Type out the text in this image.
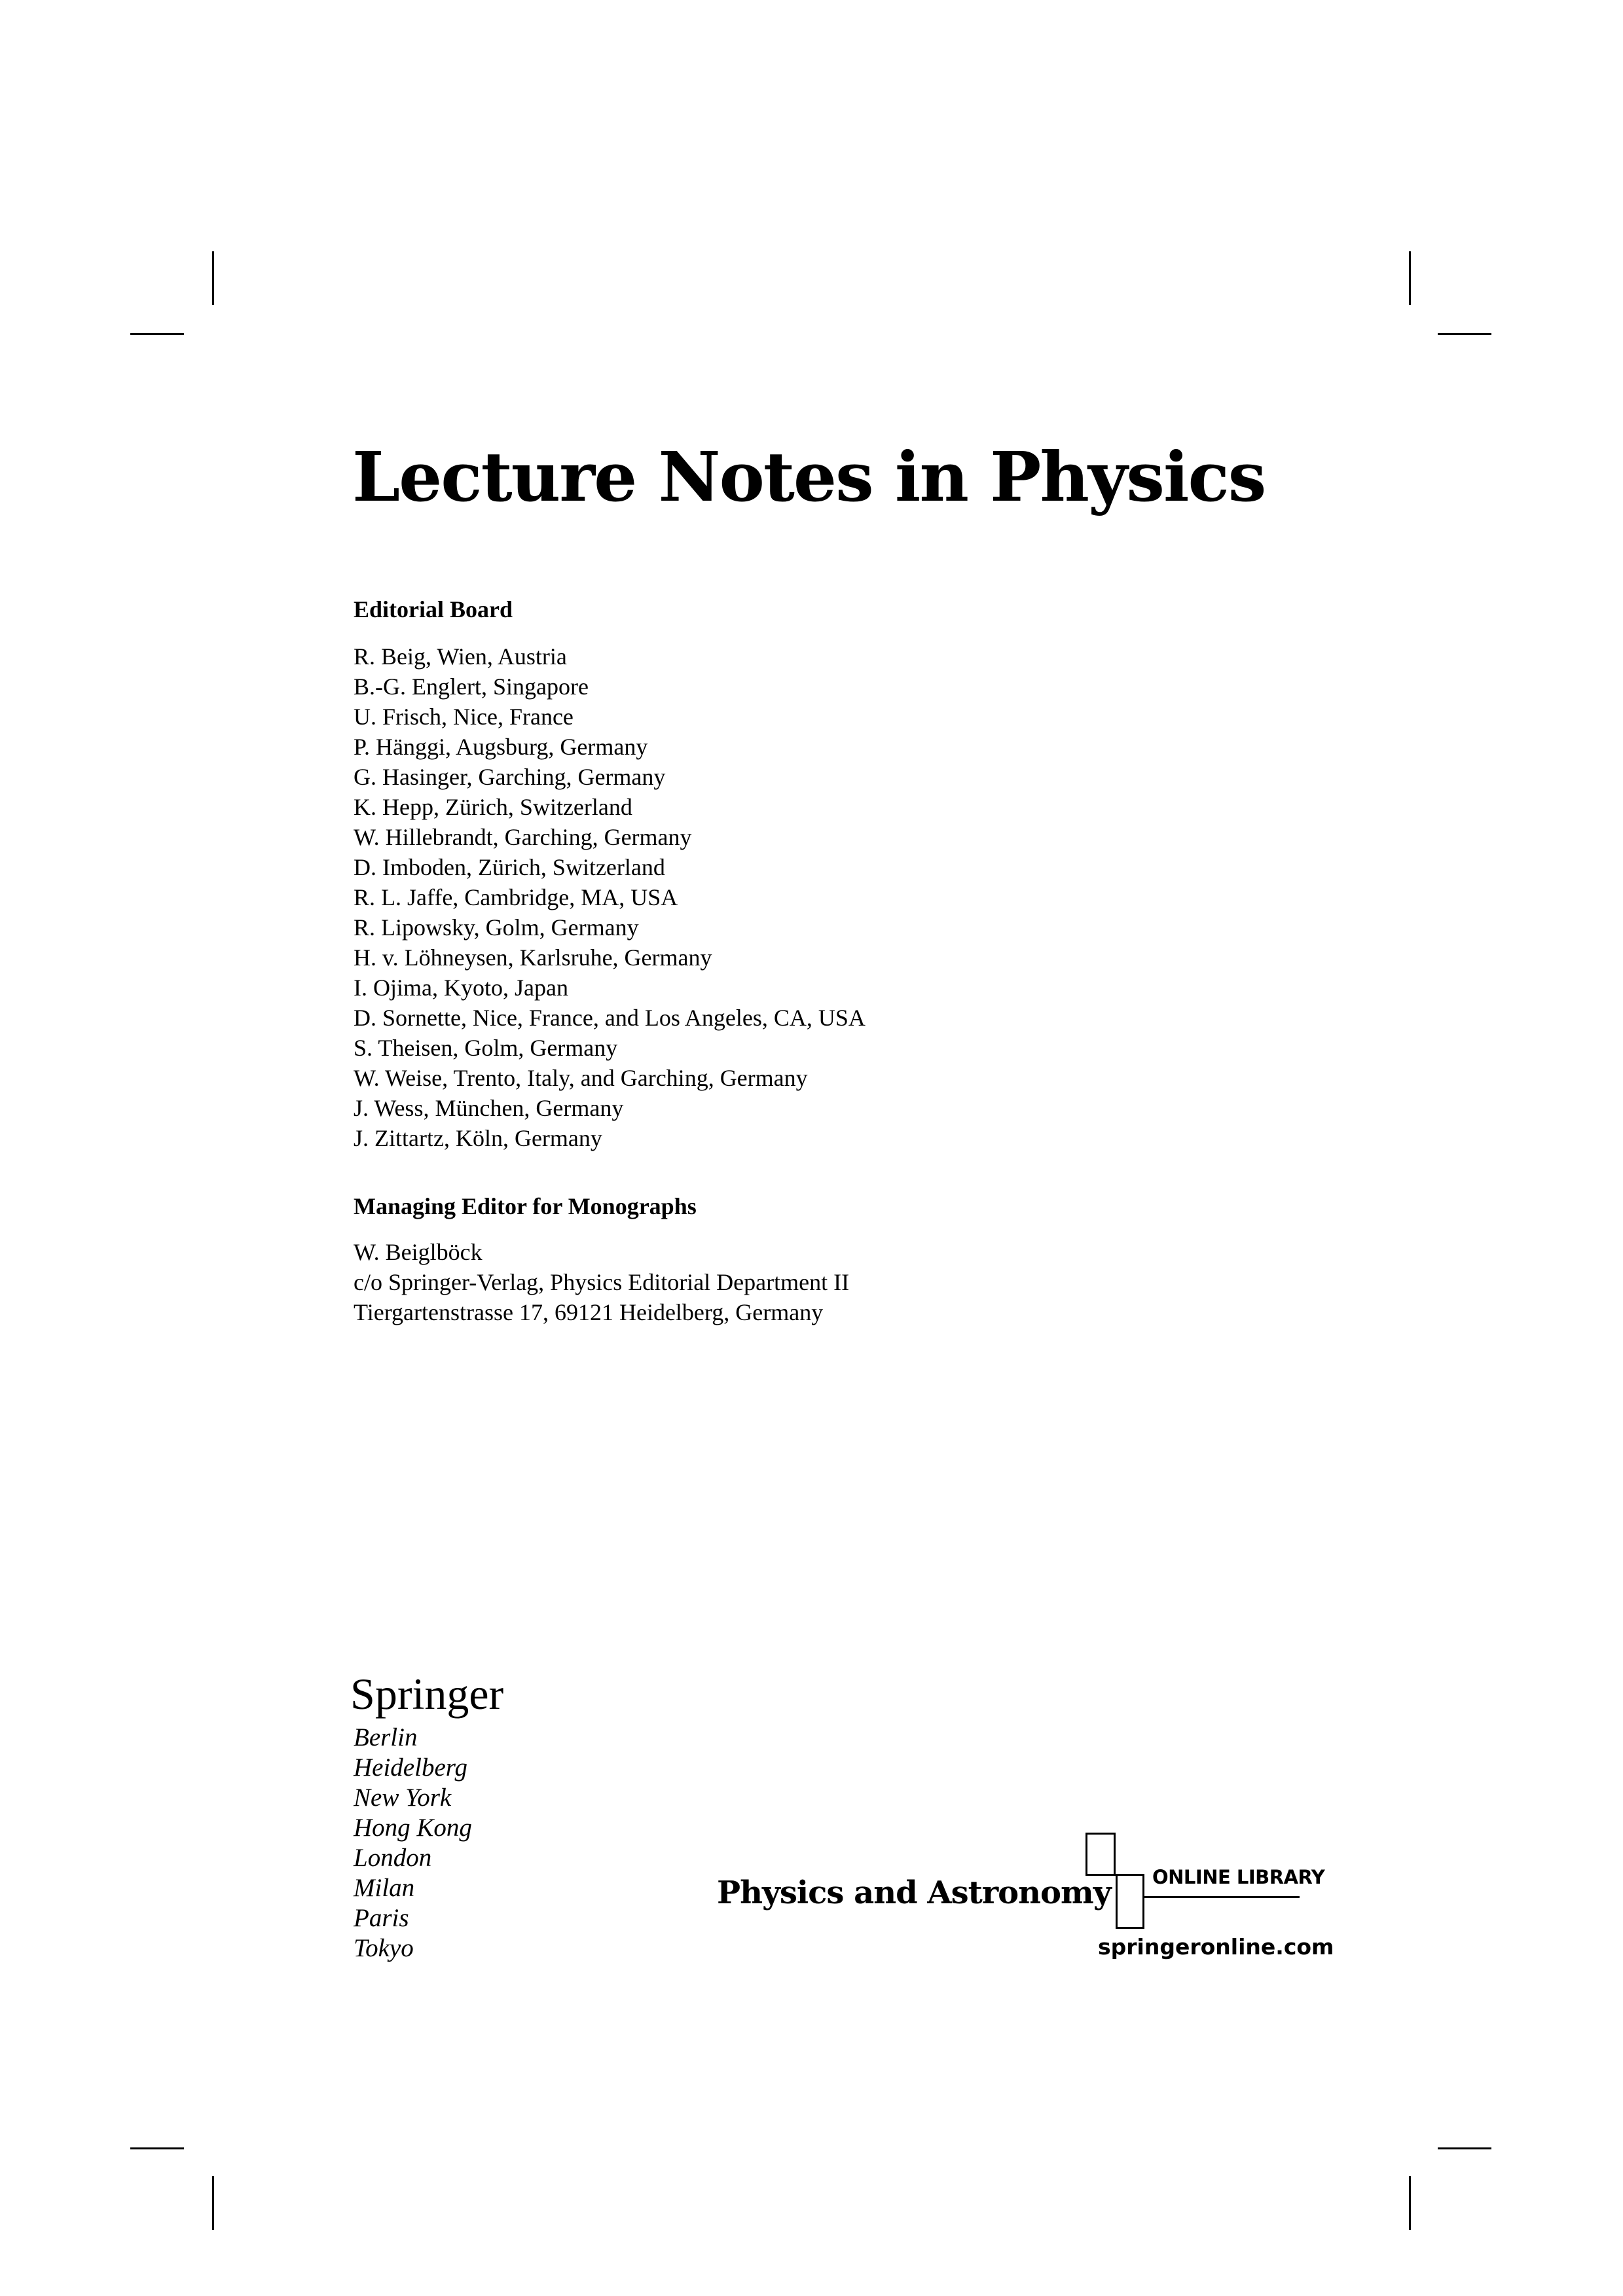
Lecture Notes in Physics
Editorial Board
R. Beig, Wien, Austria
B.-G. Englert, Singapore
U. Frisch, Nice, France
P. Hänggi, Augsburg, Germany
G. Hasinger, Garching, Germany
K. Hepp, Zürich, Switzerland
W. Hillebrandt, Garching, Germany
D. Imboden, Zürich, Switzerland
R. L. Jaffe, Cambridge, MA, USA
R. Lipowsky, Golm, Germany
H. v. Löhneysen, Karlsruhe, Germany
I. Ojima, Kyoto, Japan
D. Sornette, Nice, France, and Los Angeles, CA, USA
S. Theisen, Golm, Germany
W. Weise, Trento, Italy, and Garching, Germany
J. Wess, München, Germany
J. Zittartz, Köln, Germany
Managing Editor for Monographs
W. Beiglböck
c/o Springer-Verlag, Physics Editorial Department II
Tiergartenstrasse 17, 69121 Heidelberg, Germany
Springer
Berlin
Heidelberg
New York
Hong Kong
London
Milan
Paris
Tokyo
Physics and Astronomy ONLINE LIBRARY
springeronline.com
